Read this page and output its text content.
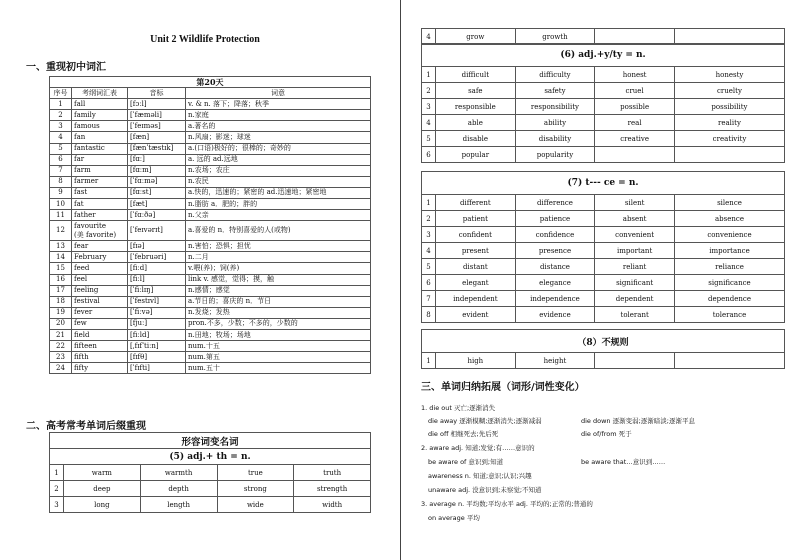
Unit 2 Wildlife Protection
一、重现初中词汇
第20天			
序号	考纲词汇表	音标	词意
1	fall	[fɔːl]	v. & n. 落下；降落；秋季
2	family	[ˈfæməli]	n.家庭
3	famous	[ˈfeɪməs]	a.著名的
4	fan	[fæn]	n.风扇；影迷；球迷
5	fantastic	[fænˈtæstɪk]	a.(口语)极好的；很棒的；奇妙的
6	far	[fɑː]	a. 远的 ad.远地
7	farm	[fɑːm]	n.农场；农庄
8	farmer	[ˈfɑːmə]	n.农民
9	fast	[fɑːst]	a.快的，迅速的；紧密的 ad.迅速地；紧密地
10	fat	[fæt]	n.脂肪 a．肥的；胖的
11	father	[ˈfɑːðə]	n.父亲
12	favourite
(美 favorite)	[ˈfeɪvərɪt]	a.喜爱的 n．特别喜爱的人(或物)
13	fear	[fɪə]	n.害怕；恐惧；担忧
14	February	[ˈfebruəri]	n.二月
15	feed	[fiːd]	v.喂(养)；饲(养)
16	feel	[fiːl]	link v. 感觉，觉得；摸，触
17	feeling	[ˈfiːlɪŋ]	n.感情；感觉
18	festival	[ˈfestɪvl]	a.节日的；喜庆的 n．节日
19	fever	[ˈfiːvə]	n.发烧；发热
20	few	[fjuː]	pron.不多，少数；不多的，少数的
21	field	[fiːld]	n.田地；牧场；场地
22	fifteen	[ˌfɪfˈtiːn]	num.十五
23	fifth	[fɪfθ]	num.第五
24	fifty	[ˈfɪfti]	num.五十
二、高考常考单词后缀重现
形容词变名词				
(5) adj.+ th = n.				
1	warm	warmth	true	truth
2	deep	depth	strong	strength
3	long	length	wide	width
4	grow	growth		
(6) adj.+y/ty = n.				
1	difficult	difficulty	honest	honesty
2	safe	safety	cruel	cruelty
3	responsible	responsibility	possible	possibility
4	able	ability	real	reality
5	disable	disability	creative	creativity
6	popular	popularity		
(7) t--- ce = n.				
1	different	difference	silent	silence
2	patient	patience	absent	absence
3	confident	confidence	convenient	convenience
4	present	presence	important	importance
5	distant	distance	reliant	reliance
6	elegant	elegance	significant	significance
7	independent	independence	dependent	dependence
8	evident	evidence	tolerant	tolerance
（8）不规则
1	high	height		
三、单词归纳拓展（词形/词性变化）
1. die out 灭亡;逐渐消失
die away 逐渐模糊;逐渐消失;逐渐减弱	die down 逐渐变弱;逐渐暗淡;逐渐平息
die off 相继死去;先后死	die of/from 死于
2. aware adj. 知道;发觉;有……意识的
be aware of 意识到;知道	be aware that…意识到……
awareness n. 知道;意识;认识;兴趣
unaware adj. 没意识到;未察觉;不知道
3. average n. 平均数;平均水平 adj. 平均的;正常的;普通的
on average 平均
